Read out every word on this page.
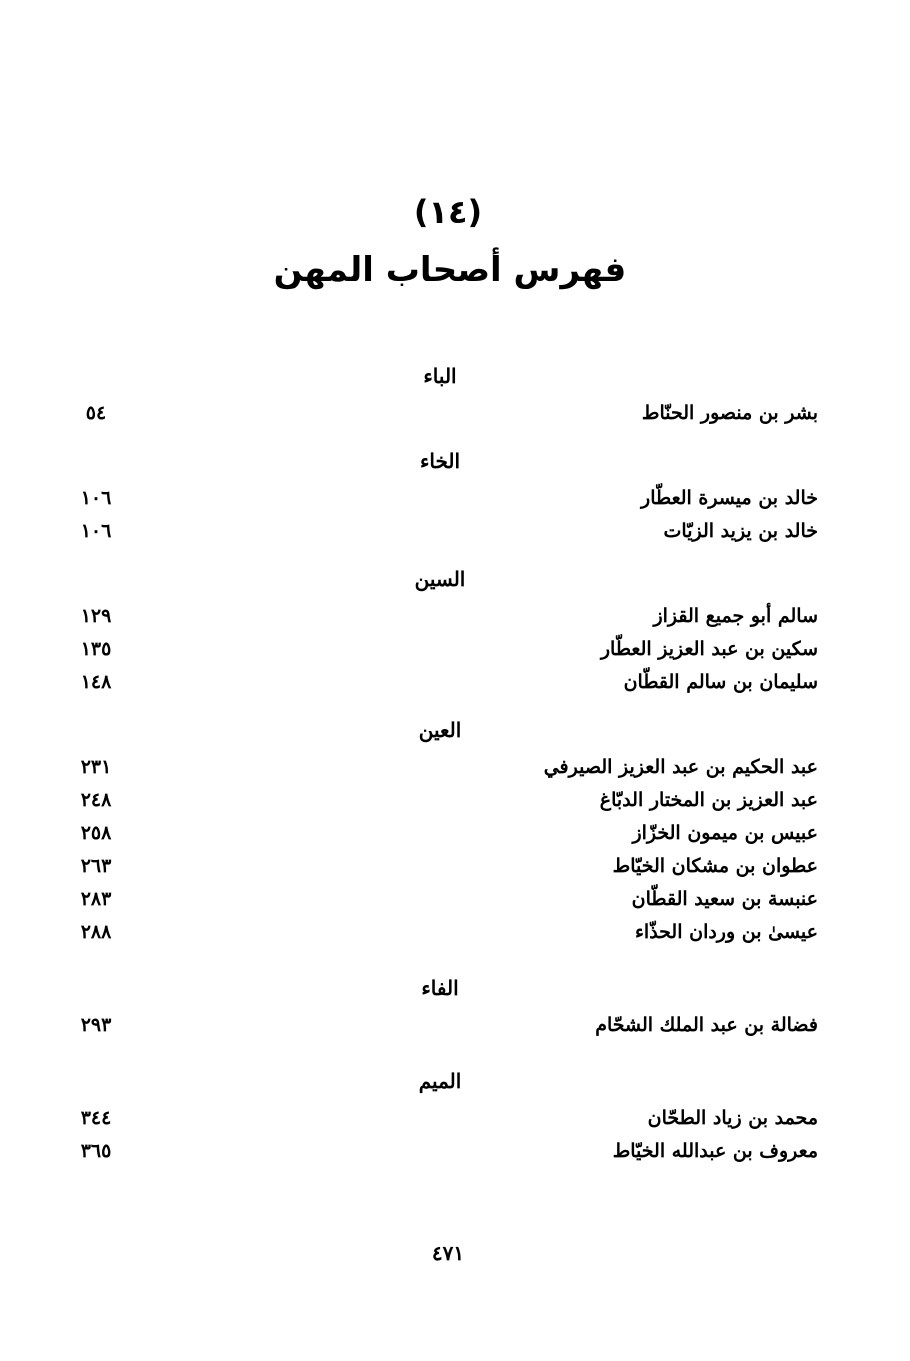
(١٤)
فهرس أصحاب المهن
الباء
بشر بن منصور الحنّاط
٥٤
الخاء
خالد بن ميسرة العطّار
١٠٦
خالد بن يزيد الزيّات
١٠٦
السين
سالم أبو جميع القزاز
١٢٩
سكين بن عبد العزيز العطّار
١٣٥
سليمان بن سالم القطّان
١٤٨
العين
عبد الحكيم بن عبد العزيز الصيرفي
٢٣١
عبد العزيز بن المختار الدبّاغ
٢٤٨
عبيس بن ميمون الخزّاز
٢٥٨
عطوان بن مشكان الخيّاط
٢٦٣
عنبسة بن سعيد القطّان
٢٨٣
عيسىٰ بن وردان الحذّاء
٢٨٨
الفاء
فضالة بن عبد الملك الشحّام
٢٩٣
الميم
محمد بن زياد الطحّان
٣٤٤
معروف بن عبدالله الخيّاط
٣٦٥
٤٧١
